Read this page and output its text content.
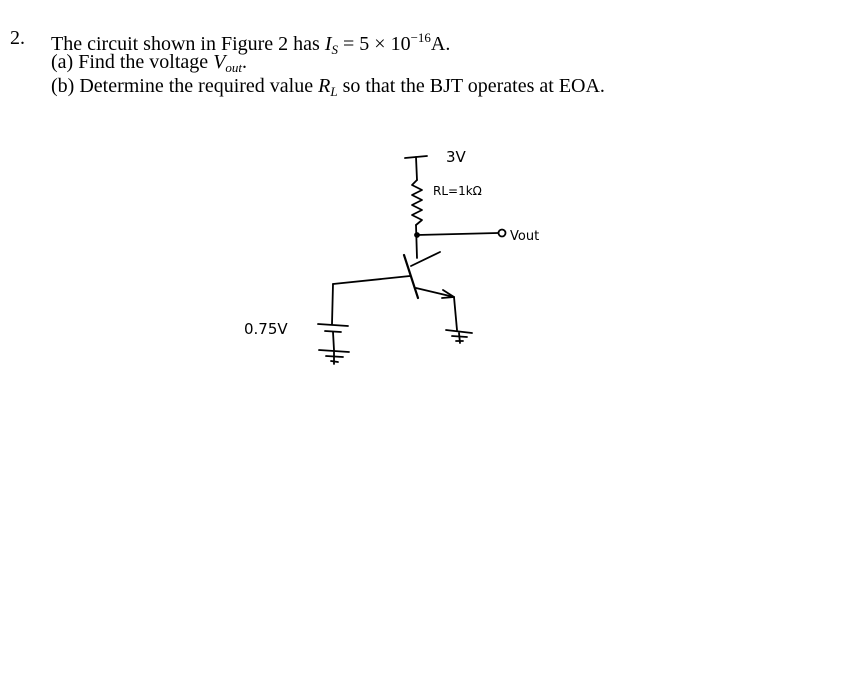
2. The circuit shown in Figure 2 has $I_S = 5 \times 10^{-16}A$.
(a) Find the voltage $V_{out}$.
(b) Determine the required value $R_L$ so that the BJT operates at EOA.
3V
RL=1kΩ
Vout
0.75V
